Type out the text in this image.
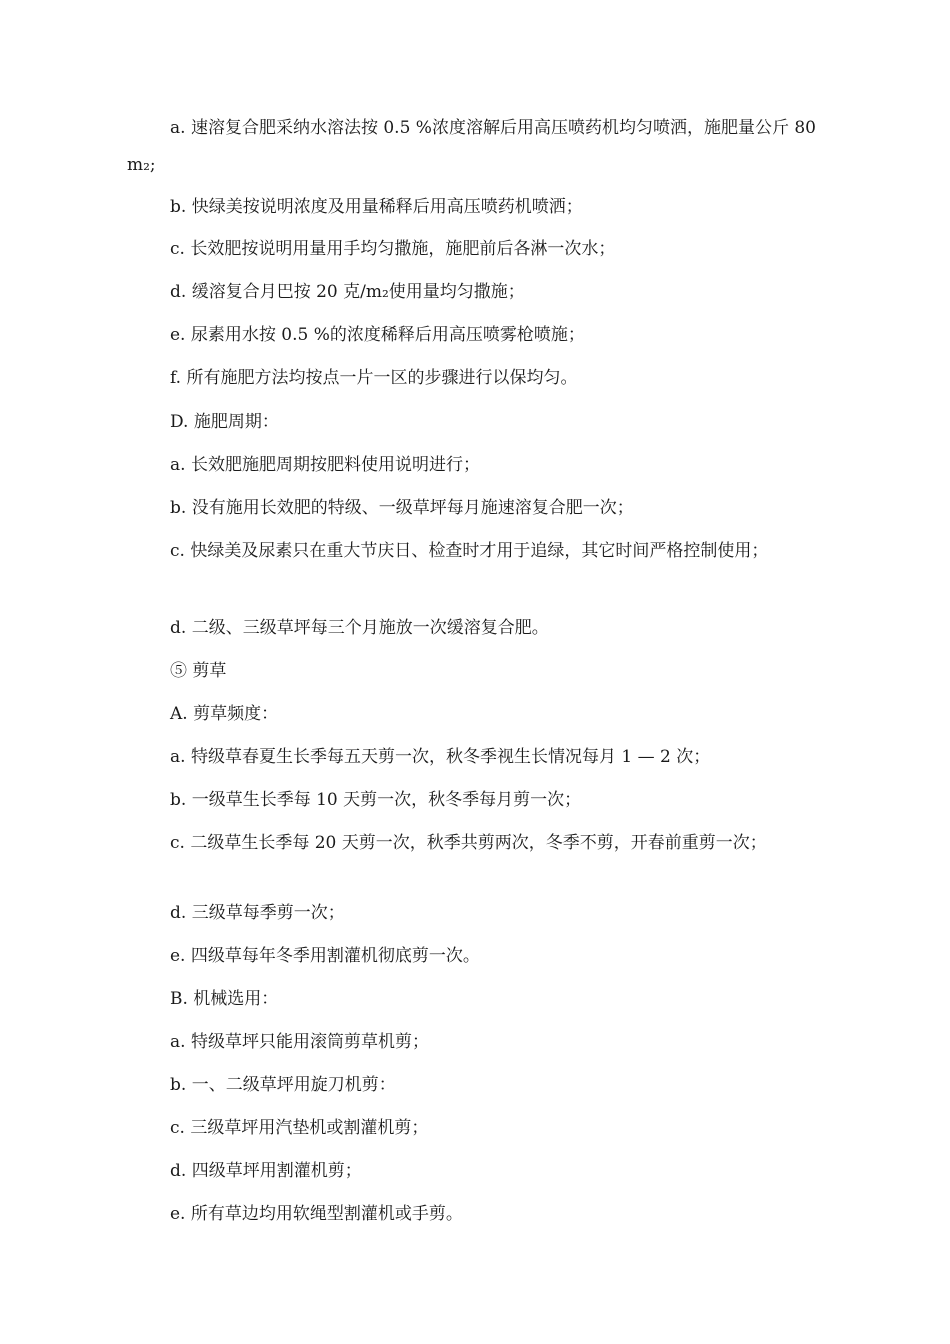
a. 速溶复合肥采纳水溶法按 0.5 %浓度溶解后用高压喷药机均匀喷洒，施肥量公斤 80m₂;

b. 快绿美按说明浓度及用量稀释后用高压喷药机喷洒；

c. 长效肥按说明用量用手均匀撒施，施肥前后各淋一次水；

d. 缓溶复合月巴按 20 克/m₂使用量均匀撒施；

e. 尿素用水按 0.5 %的浓度稀释后用高压喷雾枪喷施；

f. 所有施肥方法均按点一片一区的步骤进行以保均匀。

D. 施肥周期：

a. 长效肥施肥周期按肥料使用说明进行；

b. 没有施用长效肥的特级、一级草坪每月施速溶复合肥一次；

c. 快绿美及尿素只在重大节庆日、检查时才用于追绿，其它时间严格控制使用；

d. 二级、三级草坪每三个月施放一次缓溶复合肥。

⑤ 剪草

A. 剪草频度：

a. 特级草春夏生长季每五天剪一次，秋冬季视生长情况每月 1 — 2 次；

b. 一级草生长季每 10 天剪一次，秋冬季每月剪一次；

c. 二级草生长季每 20 天剪一次，秋季共剪两次，冬季不剪，开春前重剪一次；

d. 三级草每季剪一次；

e. 四级草每年冬季用割灌机彻底剪一次。

B. 机械选用：

a. 特级草坪只能用滚筒剪草机剪；

b. 一、二级草坪用旋刀机剪：

c. 三级草坪用汽垫机或割灌机剪；

d. 四级草坪用割灌机剪；

e. 所有草边均用软绳型割灌机或手剪。
